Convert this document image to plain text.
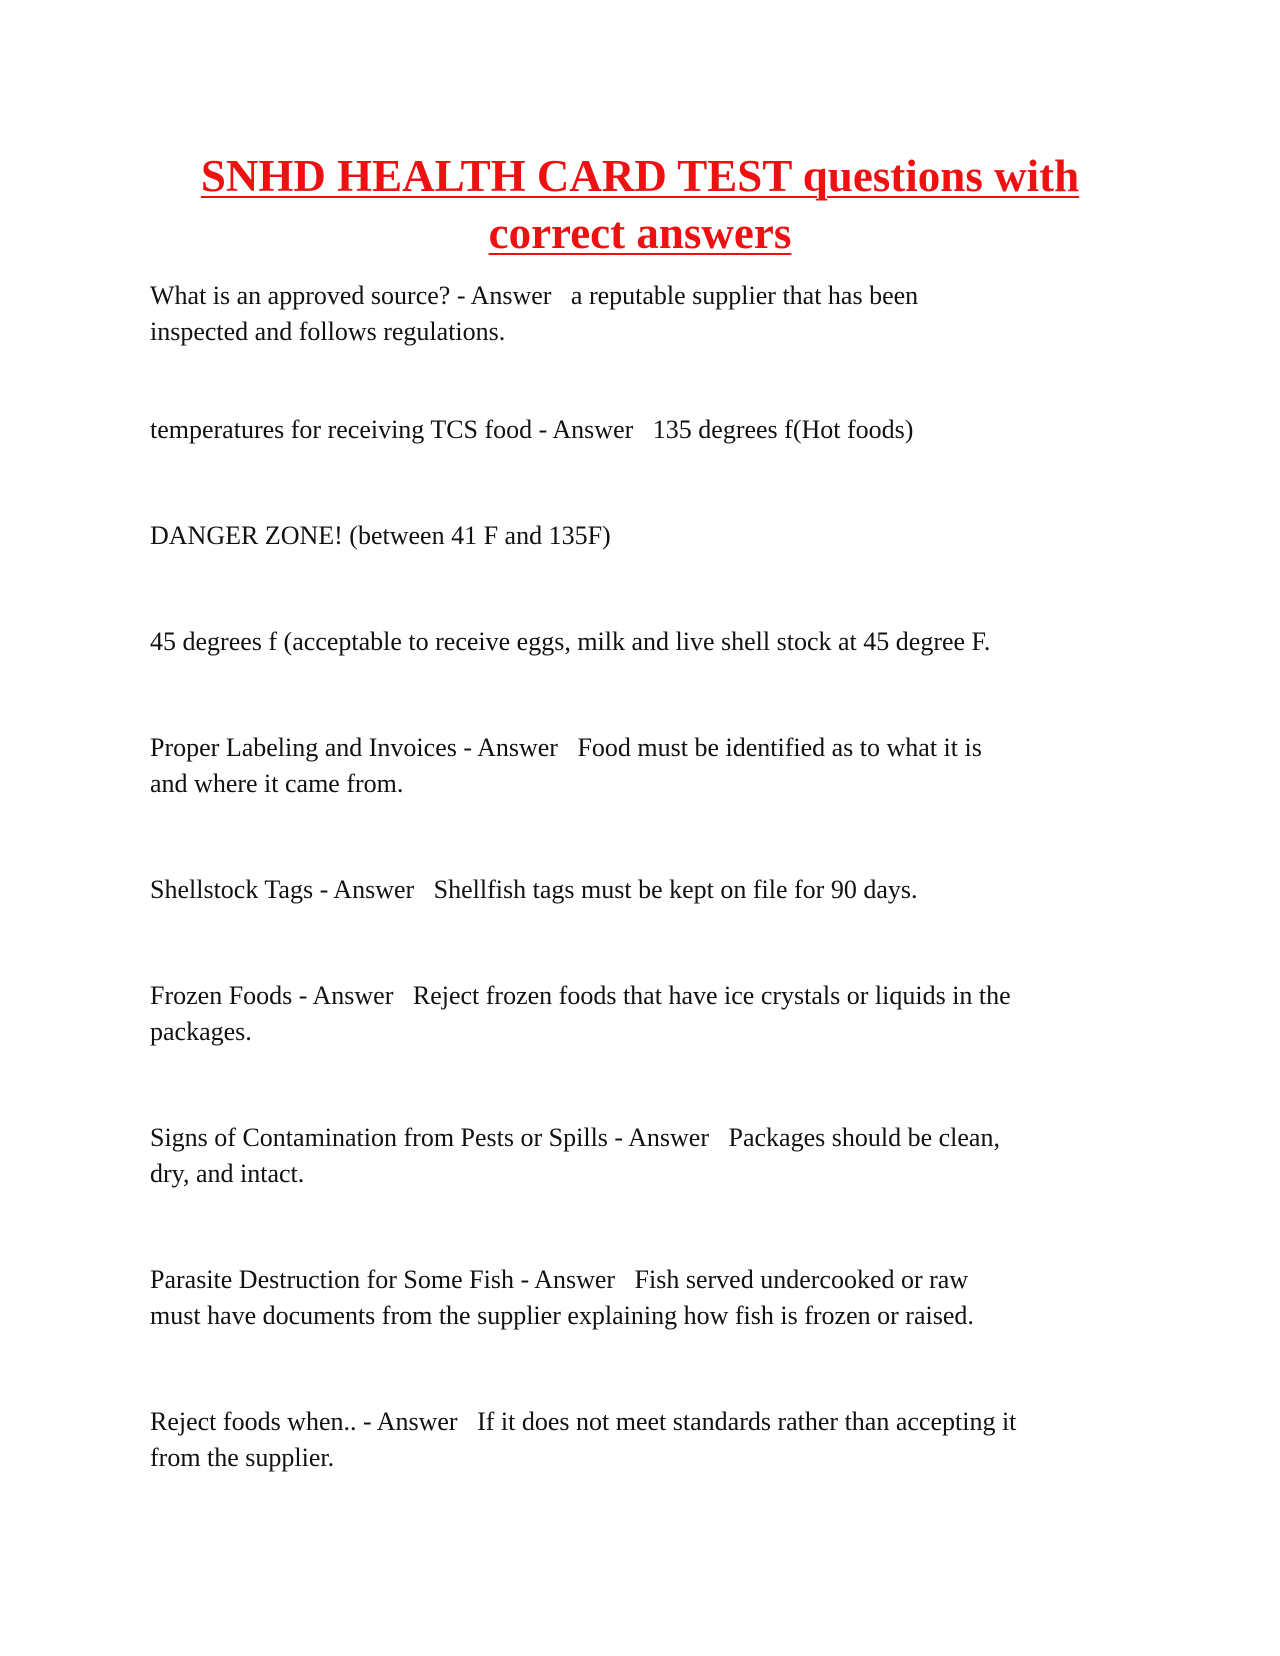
SNHD HEALTH CARD TEST questions with correct answers

What is an approved source? - Answer   a reputable supplier that has been
inspected and follows regulations.

temperatures for receiving TCS food - Answer   135 degrees f(Hot foods)

DANGER ZONE! (between 41 F and 135F)

45 degrees f (acceptable to receive eggs, milk and live shell stock at 45 degree F.

Proper Labeling and Invoices - Answer   Food must be identified as to what it is
and where it came from.

Shellstock Tags - Answer   Shellfish tags must be kept on file for 90 days.

Frozen Foods - Answer   Reject frozen foods that have ice crystals or liquids in the
packages.

Signs of Contamination from Pests or Spills - Answer   Packages should be clean,
dry, and intact.

Parasite Destruction for Some Fish - Answer   Fish served undercooked or raw
must have documents from the supplier explaining how fish is frozen or raised.

Reject foods when.. - Answer   If it does not meet standards rather than accepting it
from the supplier.
